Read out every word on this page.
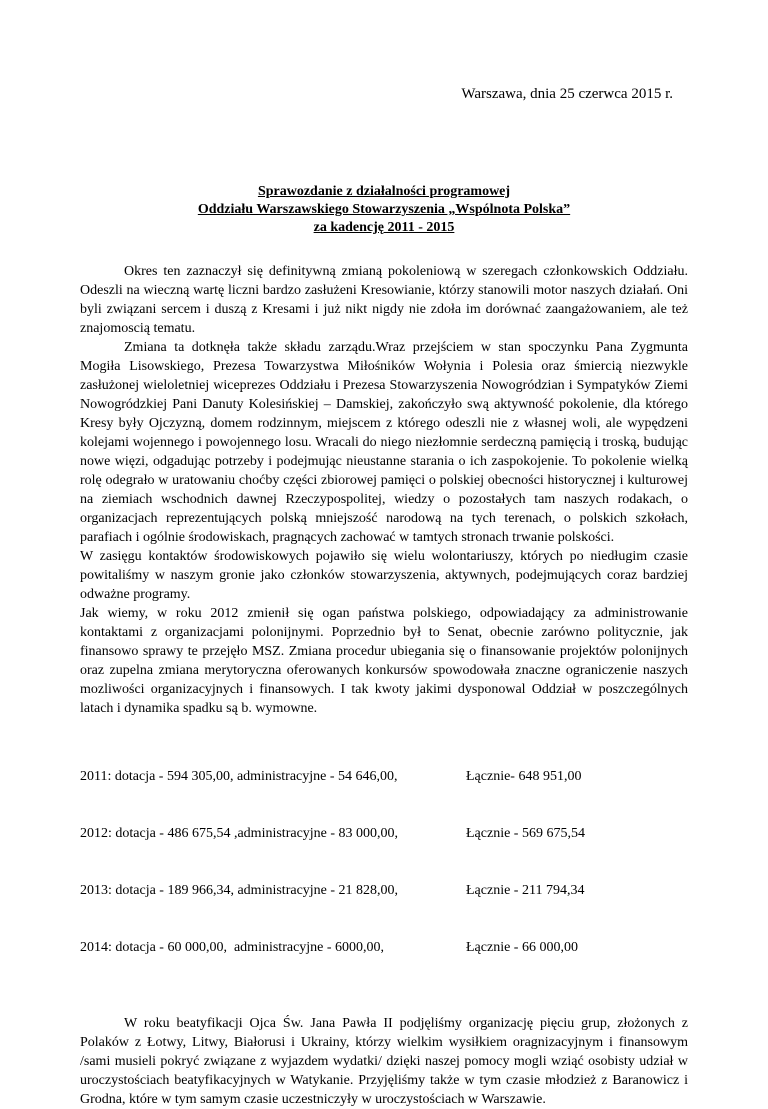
Warszawa, dnia 25 czerwca 2015 r.
Sprawozdanie z działalności programowej
Oddziału Warszawskiego Stowarzyszenia „Wspólnota Polska”
za kadencję 2011 - 2015

Okres ten zaznaczył się definitywną zmianą pokoleniową w szeregach członkowskich Oddziału. Odeszli na wieczną wartę liczni bardzo zasłużeni Kresowianie, którzy stanowili motor naszych działań. Oni byli związani sercem i duszą z Kresami i już nikt nigdy nie zdoła im dorównać zaangażowaniem, ale też znajomoscią tematu.

Zmiana ta dotknęła także składu zarządu.Wraz przejściem w stan spoczynku Pana Zygmunta Mogiła Lisowskiego, Prezesa Towarzystwa Miłośników Wołynia i Polesia oraz śmiercią niezwykle zasłużonej wieloletniej wiceprezes Oddziału i Prezesa Stowarzyszenia Nowogródzian i Sympatyków Ziemi Nowogródzkiej Pani Danuty Kolesińskiej – Damskiej, zakończyło swą aktywność pokolenie, dla którego Kresy były Ojczyzną, domem rodzinnym, miejscem z którego odeszli nie z własnej woli, ale wypędzeni kolejami wojennego i powojennego losu. Wracali do niego niezłomnie serdeczną pamięcią i troską, budując nowe więzi, odgadując potrzeby i podejmując nieustanne starania o ich zaspokojenie. To pokolenie wielką rolę odegrało w uratowaniu choćby części zbiorowej pamięci o polskiej obecności historycznej i kulturowej na ziemiach wschodnich dawnej Rzeczypospolitej, wiedzy o pozostałych tam naszych rodakach, o organizacjach reprezentujących polską mniejszość narodową na tych terenach, o polskich szkołach, parafiach i ogólnie środowiskach, pragnących zachować w tamtych stronach trwanie polskości.

W zasięgu kontaktów środowiskowych pojawiło się wielu wolontariuszy, których po niedługim czasie powitaliśmy w naszym gronie jako członków stowarzyszenia, aktywnych, podejmujących coraz bardziej odważne programy.

Jak wiemy, w roku 2012 zmienił się ogan państwa polskiego, odpowiadający za administrowanie kontaktami z organizacjami polonijnymi. Poprzednio był to Senat, obecnie zarówno politycznie, jak finansowo sprawy te przejęło MSZ. Zmiana procedur ubiegania się o finansowanie projektów polonijnych oraz zupelna zmiana merytoryczna oferowanych konkursów spowodowała znaczne ograniczenie naszych mozliwości organizacyjnych i finansowych. I tak kwoty jakimi dysponowal Oddział w poszczególnych latach i dynamika spadku są b. wymowne.

2011: dotacja - 594 305,00, administracyjne - 54 646,00,	Łącznie- 648 951,00

2012: dotacja - 486 675,54 ,administracyjne - 83 000,00,	Łącznie - 569 675,54

2013: dotacja - 189 966,34, administracyjne - 21 828,00,	Łącznie - 211 794,34

2014: dotacja - 60 000,00,  administracyjne - 6000,00,	Łącznie - 66 000,00

W roku beatyfikacji Ojca Św. Jana Pawła II podjęliśmy organizację pięciu grup, złożonych z Polaków z Łotwy, Litwy, Białorusi i Ukrainy, którzy wielkim wysiłkiem oragnizacyjnym i finansowym /sami musieli pokryć związane z wyjazdem wydatki/ dzięki naszej pomocy mogli wziąć osobisty udział w uroczystościach beatyfikacyjnych w Watykanie. Przyjęliśmy także w tym czasie młodzież z Baranowicz i Grodna, które w tym samym czasie uczestniczyły w uroczystościach w Warszawie.
